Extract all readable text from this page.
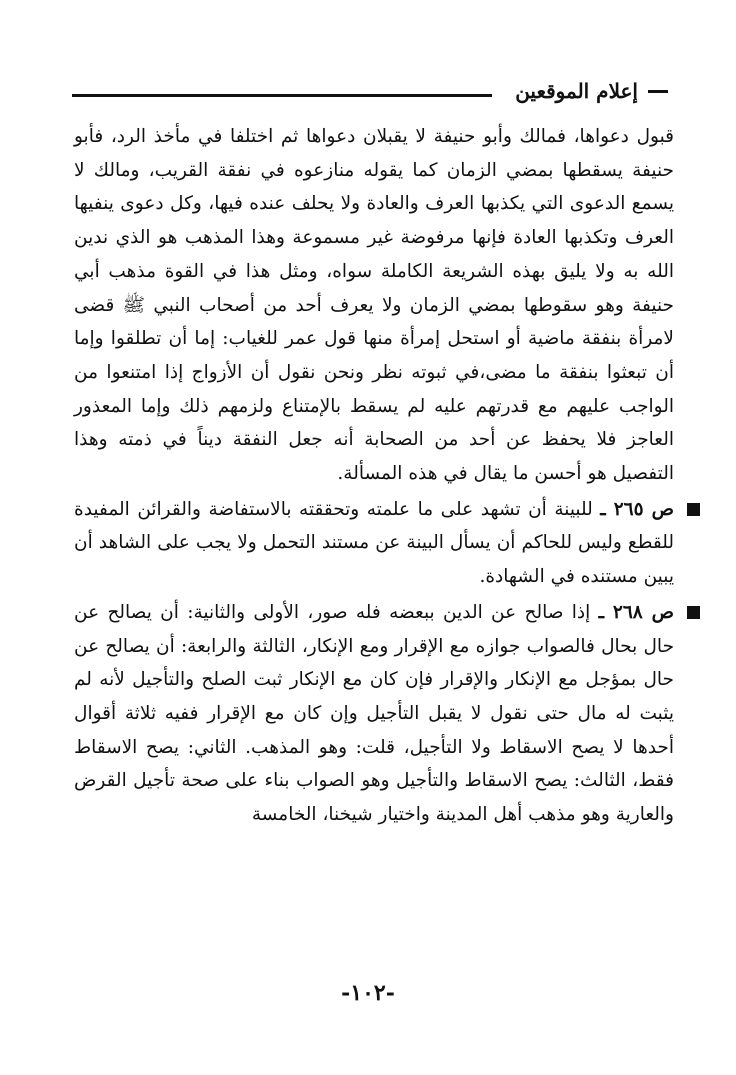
إعلام الموقعين

قبول دعواها، فمالك وأبو حنيفة لا يقبلان دعواها ثم اختلفا في مأخذ الرد، فأبو حنيفة يسقطها بمضي الزمان كما يقوله منازعوه في نفقة القريب، ومالك لا يسمع الدعوى التي يكذبها العرف والعادة ولا يحلف عنده فيها، وكل دعوى ينفيها العرف وتكذبها العادة فإنها مرفوضة غير مسموعة وهذا المذهب هو الذي ندين الله به ولا يليق بهذه الشريعة الكاملة سواه، ومثل هذا في القوة مذهب أبي حنيفة وهو سقوطها بمضي الزمان ولا يعرف أحد من أصحاب النبي ﷺ قضى لامرأة بنفقة ماضية أو استحل إمرأة منها قول عمر للغياب: إما أن تطلقوا وإما أن تبعثوا بنفقة ما مضى،في ثبوته نظر ونحن نقول أن الأزواج إذا امتنعوا من الواجب عليهم مع قدرتهم عليه لم يسقط بالإمتناع ولزمهم ذلك وإما المعذور العاجز فلا يحفظ عن أحد من الصحابة أنه جعل النفقة ديناً في ذمته وهذا التفصيل هو أحسن ما يقال في هذه المسألة.

ص ٢٦٥ ـ للبينة أن تشهد على ما علمته وتحققته بالاستفاضة والقرائن المفيدة للقطع وليس للحاكم أن يسأل البينة عن مستند التحمل ولا يجب على الشاهد أن يبين مستنده في الشهادة.

ص ٢٦٨ ـ إذا صالح عن الدين ببعضه فله صور، الأولى والثانية: أن يصالح عن حال بحال فالصواب جوازه مع الإقرار ومع الإنكار، الثالثة والرابعة: أن يصالح عن حال بمؤجل مع الإنكار والإقرار فإن كان مع الإنكار ثبت الصلح والتأجيل لأنه لم يثبت له مال حتى نقول لا يقبل التأجيل وإن كان مع الإقرار ففيه ثلاثة أقوال أحدها لا يصح الاسقاط ولا التأجيل، قلت: وهو المذهب. الثاني: يصح الاسقاط فقط، الثالث: يصح الاسقاط والتأجيل وهو الصواب بناء على صحة تأجيل القرض والعارية وهو مذهب أهل المدينة واختيار شيخنا، الخامسة

-١٠٢-
